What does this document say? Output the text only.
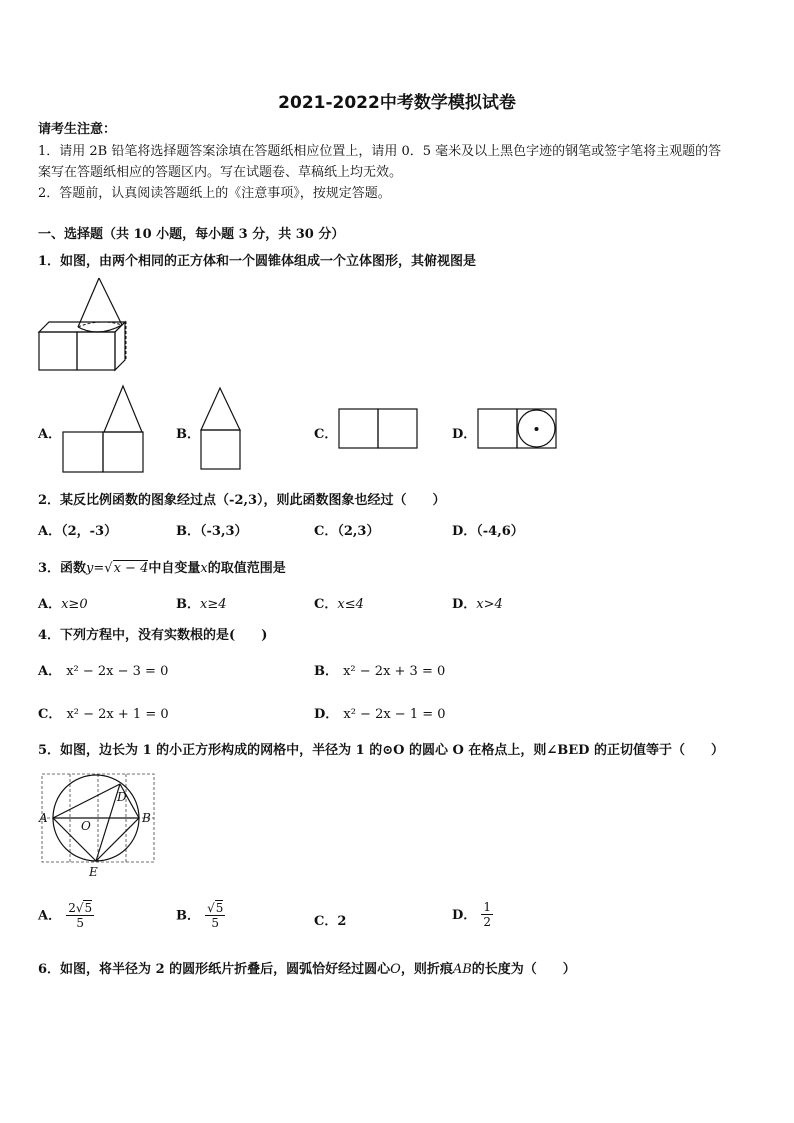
2021-2022中考数学模拟试卷
请考生注意：
1．请用 2B 铅笔将选择题答案涂填在答题纸相应位置上，请用 0．5 毫米及以上黑色字迹的钢笔或签字笔将主观题的答
案写在答题纸相应的答题区内。写在试题卷、草稿纸上均无效。
2．答题前，认真阅读答题纸上的《注意事项》，按规定答题。
一、选择题（共 10 小题，每小题 3 分，共 30 分）
1．如图，由两个相同的正方体和一个圆锥体组成一个立体图形，其俯视图是
A．	B．	C．	D．
2．某反比例函数的图象经过点（-2,3），则此函数图象也经过（　　）
A．（2，-3）	B．（-3,3）	C．（2,3）	D．（-4,6）
3．函数y=√x − 4中自变量x的取值范围是
A．x≥0	B．x≥4	C．x≤4	D．x>4
4．下列方程中，没有实数根的是(　　)
A． x² − 2x − 3 = 0	B． x² − 2x + 3 = 0
C． x² − 2x + 1 = 0	D． x² − 2x − 1 = 0
5．如图，边长为 1 的小正方形构成的网格中，半径为 1 的⊙O 的圆心 O 在格点上，则∠BED 的正切值等于（　　）
A	B
D
O
E
A． $\frac{2√5}{5}$	B． $\frac{√5}{5}$	C．2	D． $\frac{1}{2}$
6．如图，将半径为 2 的圆形纸片折叠后，圆弧恰好经过圆心O，则折痕AB的长度为（　　）
